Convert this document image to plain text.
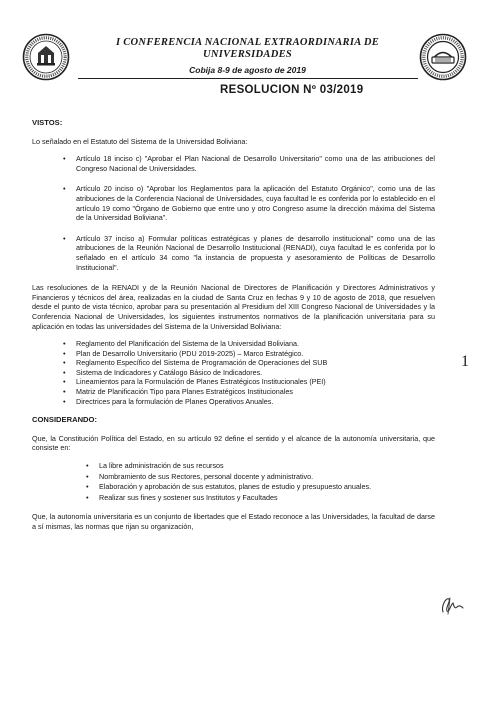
I CONFERENCIA NACIONAL EXTRAORDINARIA DE
UNIVERSIDADES
Cobija 8-9 de agosto de 2019
RESOLUCION Nº 03/2019
VISTOS:
Lo señalado en el Estatuto del Sistema de la Universidad Boliviana:
• Artículo 18 inciso c) "Aprobar el Plan Nacional de Desarrollo Universitario" como una de las atribuciones del Congreso Nacional de Universidades.
• Artículo 20 inciso o) "Aprobar los Reglamentos para la aplicación del Estatuto Orgánico", como una de las atribuciones de la Conferencia Nacional de Universidades, cuya facultad le es conferida por lo establecido en el artículo 19 como "Órgano de Gobierno que entre uno y otro Congreso asume la dirección máxima del Sistema de la Universidad Boliviana".
• Artículo 37 inciso a) Formular políticas estratégicas y planes de desarrollo institucional" como una de las atribuciones de la Reunión Nacional de Desarrollo Institucional (RENADI), cuya facultad le es conferida por lo señalado en el artículo 34 como "la instancia de propuesta y asesoramiento de Políticas de Desarrollo Institucional".
Las resoluciones de la RENADI y de la Reunión Nacional de Directores de Planificación y Directores Administrativos y Financieros y técnicos del área, realizadas en la ciudad de Santa Cruz en fechas 9 y 10 de agosto de 2018, que resuelven desde el punto de vista técnico, aprobar para su presentación al Presidium del XIII Congreso Nacional de Universidades y la Conferencia Nacional de Universidades, los siguientes instrumentos normativos de la planificación universitaria para su aplicación en todas las universidades del Sistema de la Universidad Boliviana:
• Reglamento del Planificación del Sistema de la Universidad Boliviana.
• Plan de Desarrollo Universitario (PDU 2019-2025) – Marco Estratégico.
• Reglamento Específico del Sistema de Programación de Operaciones del SUB
• Sistema de Indicadores y Catálogo Básico de Indicadores.
• Lineamientos para la Formulación de Planes Estratégicos Institucionales (PEI)
• Matriz de Planificación Tipo para Planes Estratégicos Institucionales
• Directrices para la formulación de Planes Operativos Anuales.
CONSIDERANDO:
Que, la Constitución Política del Estado, en su artículo 92 define el sentido y el alcance de la autonomía universitaria, que consiste en:
• La libre administración de sus recursos
• Nombramiento de sus Rectores, personal docente y administrativo.
• Elaboración y aprobación de sus estatutos, planes de estudio y presupuesto anuales.
• Realizar sus fines y sostener sus Institutos y Facultades
Que, la autonomía universitaria es un conjunto de libertades que el Estado reconoce a las Universidades, la facultad de darse a sí mismas, las normas que rijan su organización,
1
